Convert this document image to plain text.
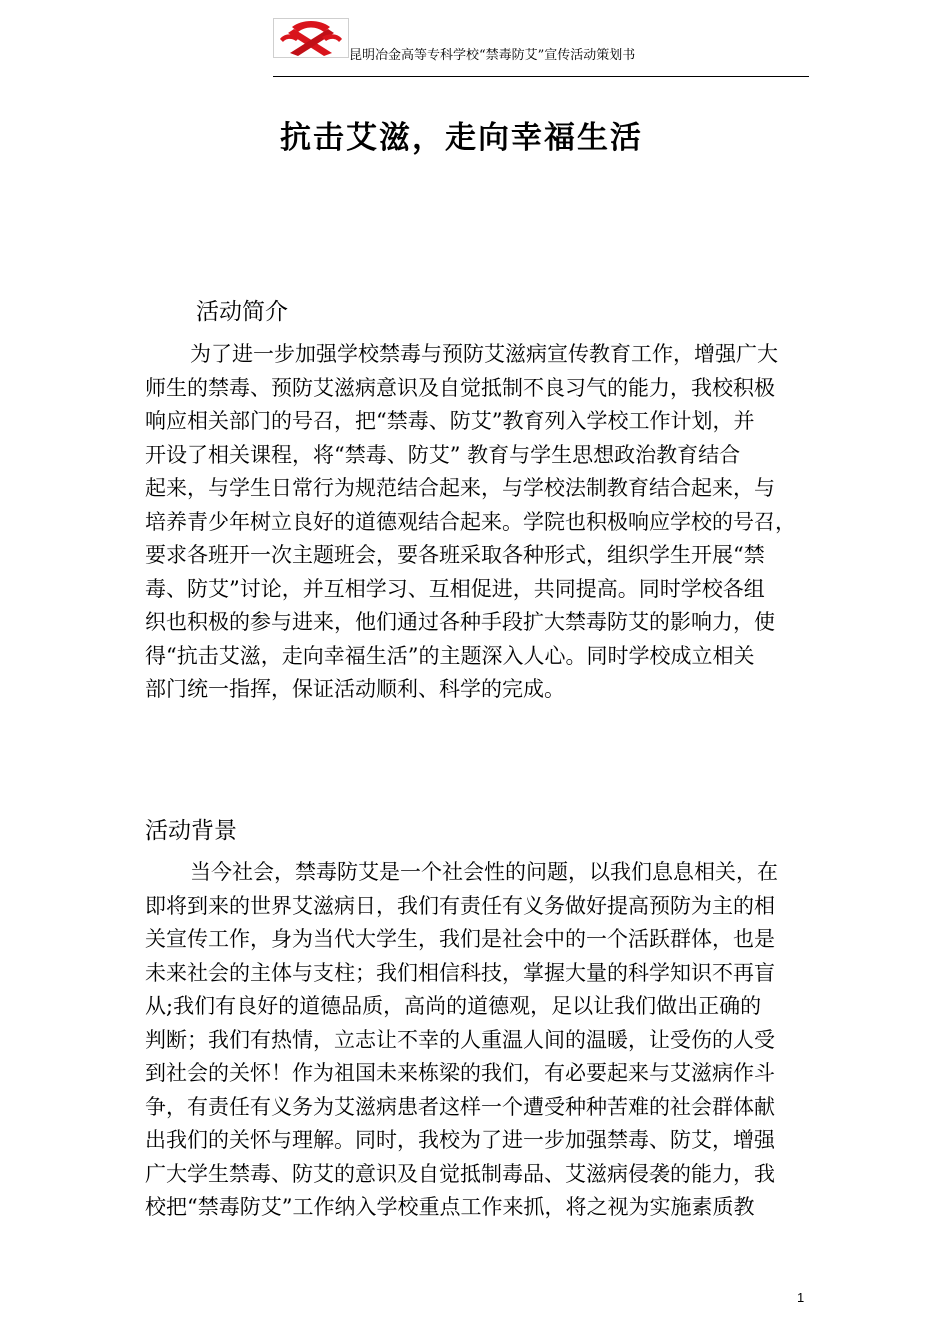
昆明冶金高等专科学校“禁毒防艾”宣传活动策划书
抗击艾滋，走向幸福生活
活动简介
为了进一步加强学校禁毒与预防艾滋病宣传教育工作，增强广大
师生的禁毒、预防艾滋病意识及自觉抵制不良习气的能力，我校积极
响应相关部门的号召，把“禁毒、防艾”教育列入学校工作计划，并
开设了相关课程，将“禁毒、防艾” 教育与学生思想政治教育结合
起来，与学生日常行为规范结合起来，与学校法制教育结合起来，与
培养青少年树立良好的道德观结合起来。学院也积极响应学校的号召，
要求各班开一次主题班会，要各班采取各种形式，组织学生开展“禁
毒、防艾”讨论，并互相学习、互相促进，共同提高。同时学校各组
织也积极的参与进来，他们通过各种手段扩大禁毒防艾的影响力，使
得“抗击艾滋，走向幸福生活”的主题深入人心。同时学校成立相关
部门统一指挥，保证活动顺利、科学的完成。
活动背景
当今社会，禁毒防艾是一个社会性的问题，以我们息息相关，在
即将到来的世界艾滋病日，我们有责任有义务做好提高预防为主的相
关宣传工作，身为当代大学生，我们是社会中的一个活跃群体，也是
未来社会的主体与支柱；我们相信科技，掌握大量的科学知识不再盲
从;我们有良好的道德品质，高尚的道德观，足以让我们做出正确的
判断；我们有热情，立志让不幸的人重温人间的温暖，让受伤的人受
到社会的关怀！作为祖国未来栋梁的我们，有必要起来与艾滋病作斗
争，有责任有义务为艾滋病患者这样一个遭受种种苦难的社会群体献
出我们的关怀与理解。同时，我校为了进一步加强禁毒、防艾，增强
广大学生禁毒、防艾的意识及自觉抵制毒品、艾滋病侵袭的能力，我
校把“禁毒防艾”工作纳入学校重点工作来抓，将之视为实施素质教
1
